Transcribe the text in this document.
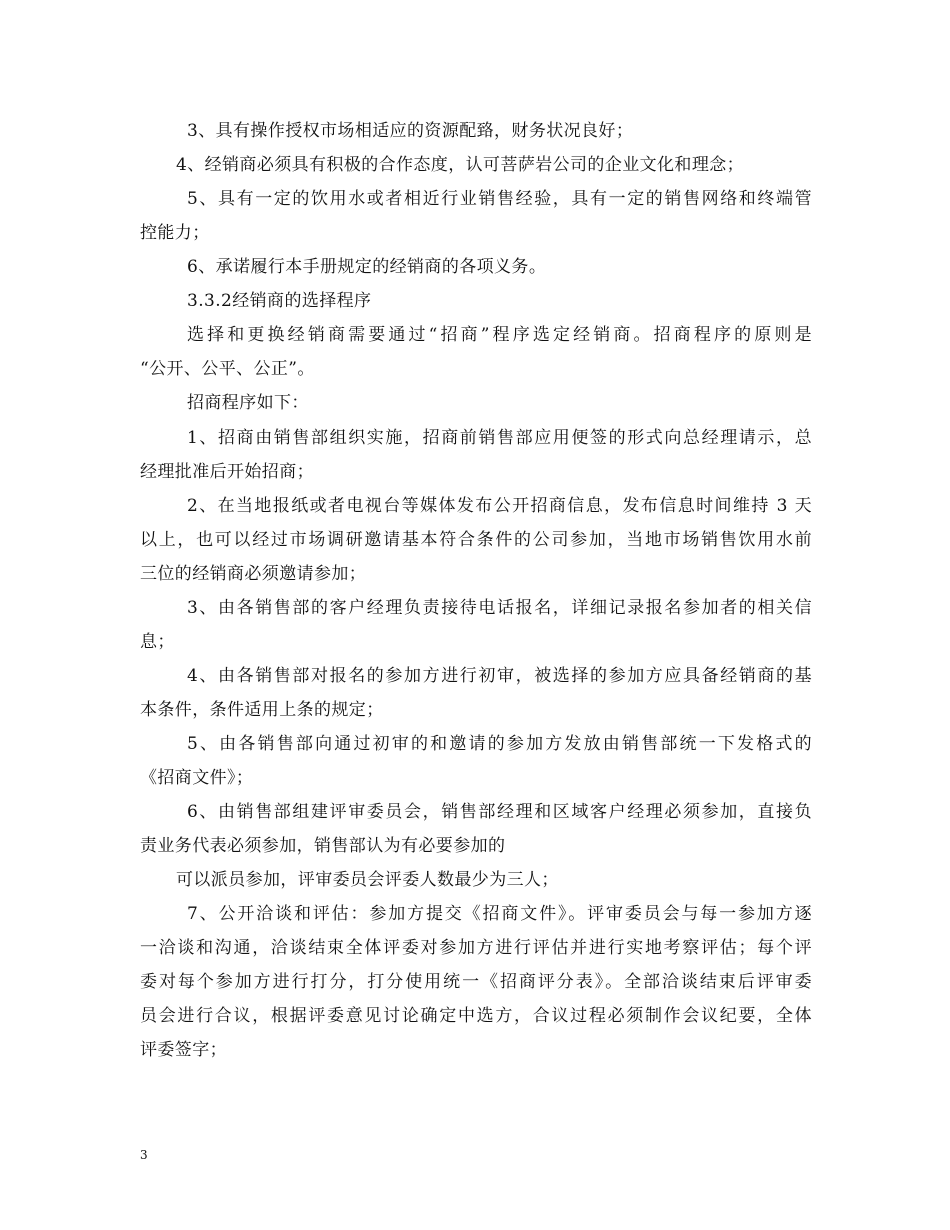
3、具有操作授权市场相适应的资源配臵，财务状况良好；
4、经销商必须具有积极的合作态度，认可菩萨岩公司的企业文化和理念；
5、具有一定的饮用水或者相近行业销售经验，具有一定的销售网络和终端管
控能力；
6、承诺履行本手册规定的经销商的各项义务。
3.3.2经销商的选择程序
选择和更换经销商需要通过“招商”程序选定经销商。招商程序的原则是
“公开、公平、公正”。
招商程序如下：
1、招商由销售部组织实施，招商前销售部应用便签的形式向总经理请示，总
经理批准后开始招商；
2、在当地报纸或者电视台等媒体发布公开招商信息，发布信息时间维持 3 天
以上，也可以经过市场调研邀请基本符合条件的公司参加，当地市场销售饮用水前
三位的经销商必须邀请参加；
3、由各销售部的客户经理负责接待电话报名，详细记录报名参加者的相关信
息；
4、由各销售部对报名的参加方进行初审，被选择的参加方应具备经销商的基
本条件，条件适用上条的规定；
5、由各销售部向通过初审的和邀请的参加方发放由销售部统一下发格式的
《招商文件》；
6、由销售部组建评审委员会，销售部经理和区域客户经理必须参加，直接负
责业务代表必须参加，销售部认为有必要参加的
可以派员参加，评审委员会评委人数最少为三人；
7、公开洽谈和评估：参加方提交《招商文件》。评审委员会与每一参加方逐
一洽谈和沟通，洽谈结束全体评委对参加方进行评估并进行实地考察评估；每个评
委对每个参加方进行打分，打分使用统一《招商评分表》。全部洽谈结束后评审委
员会进行合议，根据评委意见讨论确定中选方，合议过程必须制作会议纪要，全体
评委签字；
3
